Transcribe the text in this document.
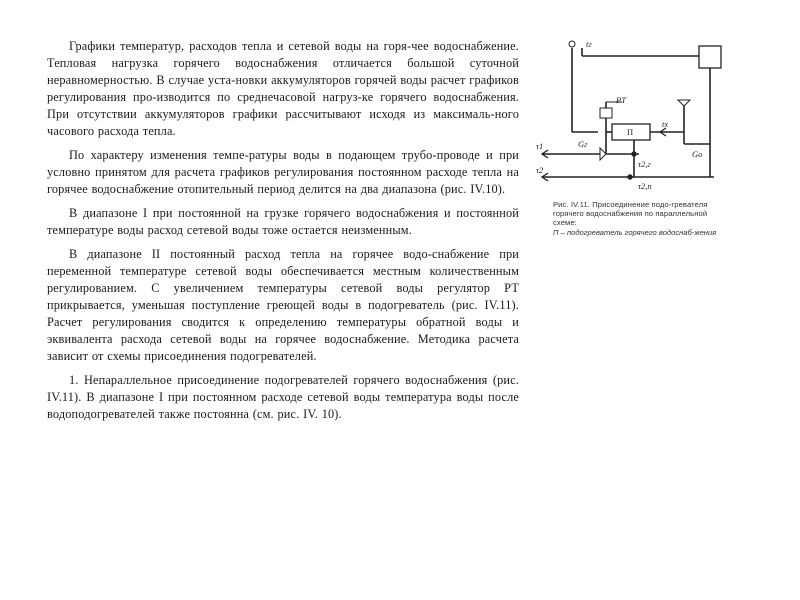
Графики температур, расходов тепла и сетевой воды на горя-чее водоснабжение. Тепловая нагрузка горячего водоснабжения отличается большой суточной неравномерностью. В случае уста-новки аккумуляторов горячей воды расчет графиков регулирования про-изводится по среднечасовой нагруз-ке горячего водоснабжения. При отсутствии аккумуляторов графики рассчитывают исходя из максималь-ного часового расхода тепла.

По характеру изменения темпе-ратуры воды в подающем трубо-проводе и при условно принятом для расчета графиков регулирования постоянном расходе тепла на горячее водоснабжение отопительный период делится на два диапазона (рис. IV.10).

В диапазоне I при постоянной на грузке горячего водоснабжения и постоянной температуре воды расход сетевой воды тоже остается неизменным.

В диапазоне II постоянный расход тепла на горячее водо-снабжение при переменной температуре сетевой воды обеспечивается местным количественным регулированием. С увеличением температуры сетевой воды регулятор РТ прикрывается, уменьшая поступление греющей воды в подогреватель (рис. IV.11). Расчет регулирования сводится к определению температуры обратной воды и эквивалента расхода сетевой воды на горячее водоснабжение. Методика расчета зависит от схемы присоединения подогревателей.

1. Непараллельное присоединение подогревателей горячего водоснабжения (рис. IV.11). В диапазоне I при постоянном расходе сетевой воды температура воды после водоподогревателей также постоянна (см. рис. IV. 10).

tг
РТ
П
tх
Gг
Gо
τ1
τ2
τ2,г
τ2,п
Рис. IV.11. Присоединение подо-гревателя горячего водоснабжения по параллельной схеме:
П – подогреватель горячего водоснаб-жения
